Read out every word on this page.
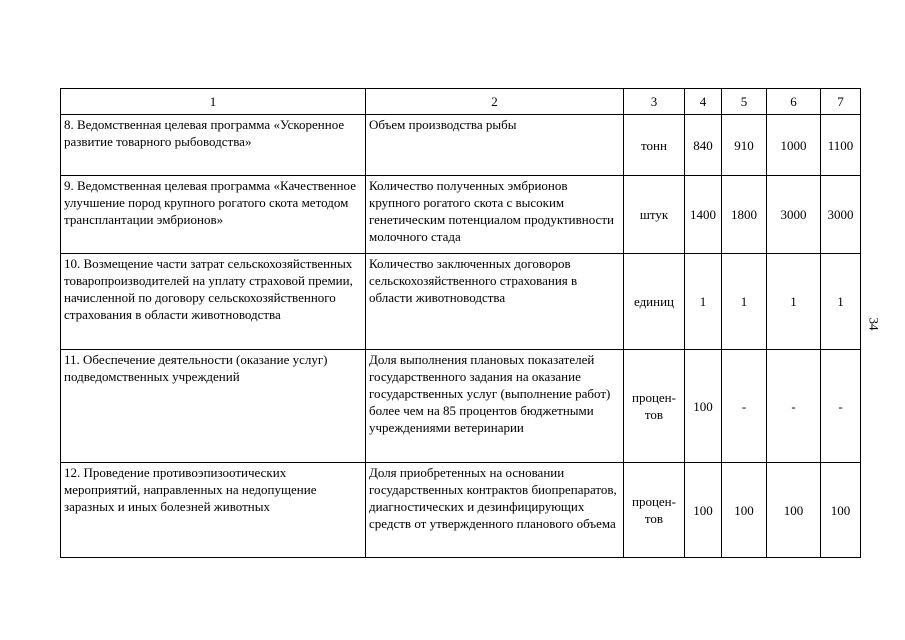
1	2	3	4	5	6	7
8. Ведомственная целевая программа «Ускоренное развитие товарного рыбоводства»	Объем производства рыбы	тонн	840	910	1000	1100
9. Ведомственная целевая программа «Качественное улучшение пород крупного рогатого скота методом трансплантации эмбрионов»	Количество полученных эмбрионов крупного рогатого скота с высоким генетическим потенциалом продуктивности молочного стада	штук	1400	1800	3000	3000
10. Возмещение части затрат сельскохозяйственных товаропроизводителей на уплату страховой премии, начисленной по договору сельскохозяйственного страхования в области животноводства	Количество заключенных договоров сельскохозяйственного страхования в области животноводства	единиц	1	1	1	1
11. Обеспечение деятельности (оказание услуг) подведомственных учреждений	Доля выполнения плановых показателей государственного задания на оказание государственных услуг (выполнение работ) более чем на 85 процентов бюджетными учреждениями ветеринарии	процен-тов	100	-	-	-
12. Проведение противоэпизоотических мероприятий, направленных на недопущение заразных и иных болезней животных	Доля приобретенных на основании государственных контрактов биопрепаратов, диагностических и дезинфицирующих средств от утвержденного планового объема	процен-тов	100	100	100	100
34
